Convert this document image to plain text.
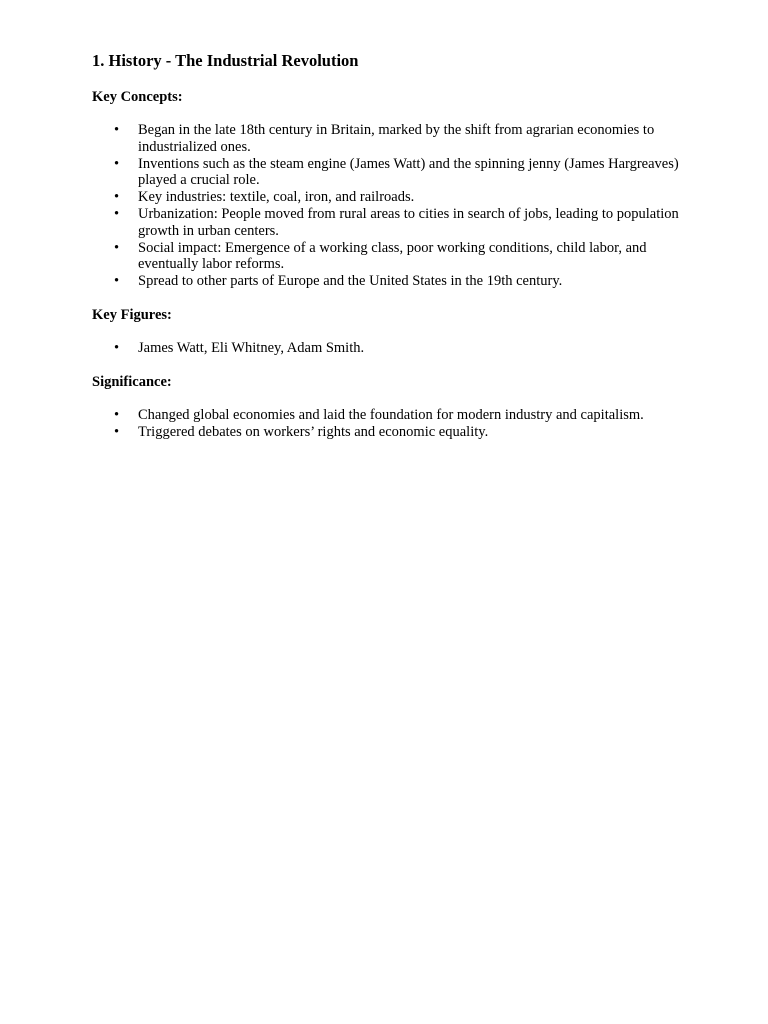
1. History - The Industrial Revolution
Key Concepts:
• Began in the late 18th century in Britain, marked by the shift from agrarian economies to industrialized ones.
• Inventions such as the steam engine (James Watt) and the spinning jenny (James Hargreaves) played a crucial role.
• Key industries: textile, coal, iron, and railroads.
• Urbanization: People moved from rural areas to cities in search of jobs, leading to population growth in urban centers.
• Social impact: Emergence of a working class, poor working conditions, child labor, and eventually labor reforms.
• Spread to other parts of Europe and the United States in the 19th century.
Key Figures:
• James Watt, Eli Whitney, Adam Smith.
Significance:
• Changed global economies and laid the foundation for modern industry and capitalism.
• Triggered debates on workers’ rights and economic equality.
